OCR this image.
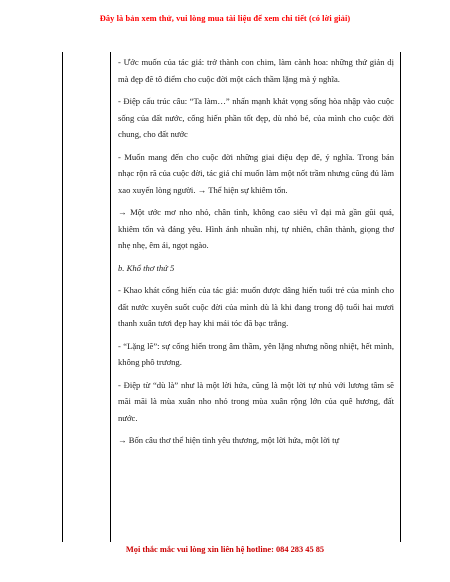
Đây là bản xem thử, vui lòng mua tài liệu để xem chi tiết (có lời giải)

- Ước muốn của tác giả: trở thành con chim, làm cành hoa: những thứ giản dị mà đẹp đẽ tô điểm cho cuộc đời một cách thầm lặng mà ý nghĩa.

- Điệp cấu trúc câu: “Ta làm…” nhấn mạnh khát vọng sống hòa nhập vào cuộc sống của đất nước, cống hiến phần tốt đẹp, dù nhỏ bé, của mình cho cuộc đời chung, cho đất nước

- Muốn mang đến cho cuộc đời những giai điệu đẹp đẽ, ý nghĩa. Trong bản nhạc rộn rã của cuộc đời, tác giả chỉ muốn làm một nốt trầm nhưng cũng đủ làm xao xuyến lòng người. → Thể hiện sự khiêm tốn.

→ Một ước mơ nho nhỏ, chân tình, không cao siêu vĩ đại mà gần gũi quá, khiêm tốn và đáng yêu. Hình ảnh nhuần nhị, tự nhiên, chân thành, giọng thơ nhẹ nhẹ, êm ái, ngọt ngào.

b. Khổ thơ thứ 5

- Khao khát cống hiến của tác giả: muốn được dâng hiến tuổi trẻ của mình cho đất nước xuyên suốt cuộc đời của mình dù là khi đang trong độ tuổi hai mươi thanh xuân tươi đẹp hay khi mái tóc đã bạc trắng.

- “Lặng lẽ”: sự cống hiến trong âm thầm, yên lặng nhưng nồng nhiệt, hết mình, không phô trương.

- Điệp từ “dù là” như là một lời hứa, cũng là một lời tự nhủ với lương tâm sẽ mãi mãi là mùa xuân nho nhỏ trong mùa xuân rộng lớn của quê hương, đất nước.

→ Bốn câu thơ thể hiện tình yêu thương, một lời hứa, một lời tự

Mọi thắc mắc vui lòng xin liên hệ hotline: 084 283 45 85
